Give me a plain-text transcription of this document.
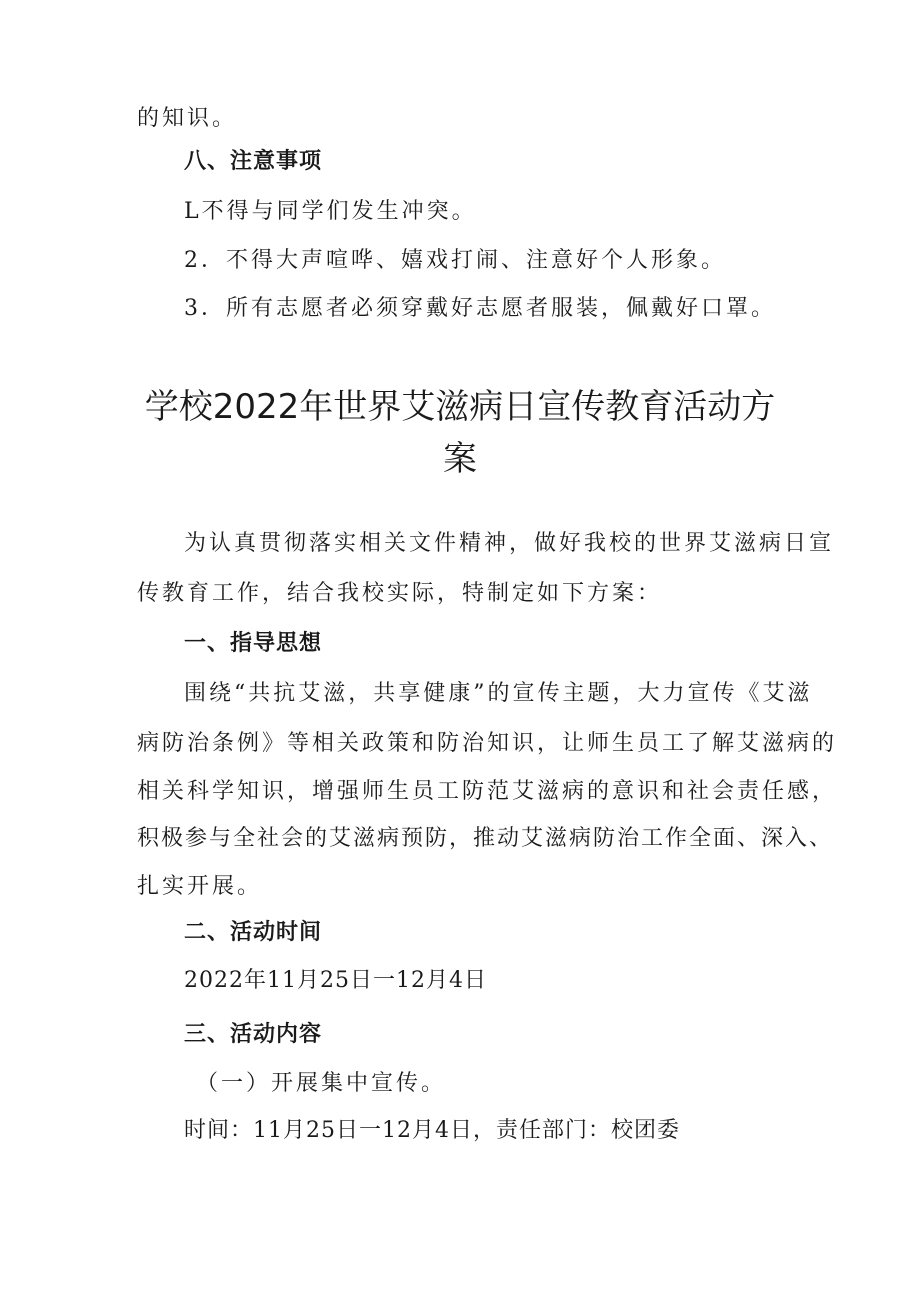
的知识。
八、注意事项
L不得与同学们发生冲突。
2．不得大声喧哗、嬉戏打闹、注意好个人形象。
3．所有志愿者必须穿戴好志愿者服装，佩戴好口罩。
学校2022年世界艾滋病日宣传教育活动方
案
为认真贯彻落实相关文件精神，做好我校的世界艾滋病日宣
传教育工作，结合我校实际，特制定如下方案：
一、指导思想
围绕“共抗艾滋，共享健康”的宣传主题，大力宣传《艾滋
病防治条例》等相关政策和防治知识，让师生员工了解艾滋病的
相关科学知识，增强师生员工防范艾滋病的意识和社会责任感，
积极参与全社会的艾滋病预防，推动艾滋病防治工作全面、深入、
扎实开展。
二、活动时间
2022年11月25日一12月4日
三、活动内容
（一）开展集中宣传。
时间：11月25日一12月4日，责任部门：校团委
